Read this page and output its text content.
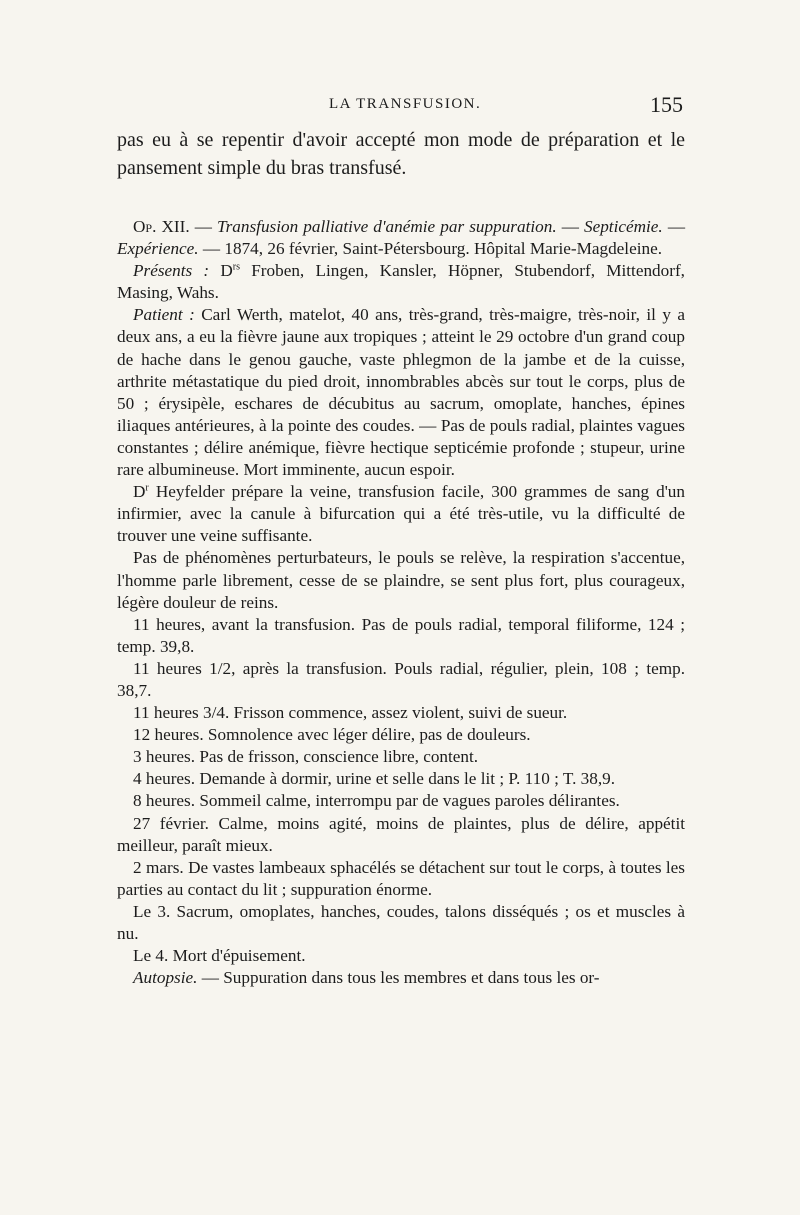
LA TRANSFUSION.	155

pas eu à se repentir d'avoir accepté mon mode de préparation et le pansement simple du bras transfusé.

Op. XII. — Transfusion palliative d'anémie par suppuration. — Septicémie. — Expérience. — 1874, 26 février, Saint-Pétersbourg. Hôpital Marie-Magdeleine.

Présents : $D^{rs}$ Froben, Lingen, Kansler, Höpner, Stubendorf, Mittendorf, Masing, Wahs.

Patient : Carl Werth, matelot, 40 ans, très-grand, très-maigre, très-noir, il y a deux ans, a eu la fièvre jaune aux tropiques ; atteint le 29 octobre d'un grand coup de hache dans le genou gauche, vaste phlegmon de la jambe et de la cuisse, arthrite métastatique du pied droit, innombrables abcès sur tout le corps, plus de 50 ; érysipèle, eschares de décubitus au sacrum, omoplate, hanches, épines iliaques antérieures, à la pointe des coudes. — Pas de pouls radial, plaintes vagues constantes ; délire anémique, fièvre hectique septicémie profonde ; stupeur, urine rare albumineuse. Mort imminente, aucun espoir.

$D^r$ Heyfelder prépare la veine, transfusion facile, 300 grammes de sang d'un infirmier, avec la canule à bifurcation qui a été très-utile, vu la difficulté de trouver une veine suffisante.

Pas de phénomènes perturbateurs, le pouls se relève, la respiration s'accentue, l'homme parle librement, cesse de se plaindre, se sent plus fort, plus courageux, légère douleur de reins.

11 heures, avant la transfusion. Pas de pouls radial, temporal filiforme, 124 ; temp. 39,8.

11 heures 1/2, après la transfusion. Pouls radial, régulier, plein, 108 ; temp. 38,7.

11 heures 3/4. Frisson commence, assez violent, suivi de sueur.

12 heures. Somnolence avec léger délire, pas de douleurs.

3 heures. Pas de frisson, conscience libre, content.

4 heures. Demande à dormir, urine et selle dans le lit ; P. 110 ; T. 38,9.

8 heures. Sommeil calme, interrompu par de vagues paroles délirantes.

27 février. Calme, moins agité, moins de plaintes, plus de délire, appétit meilleur, paraît mieux.

2 mars. De vastes lambeaux sphacélés se détachent sur tout le corps, à toutes les parties au contact du lit ; suppuration énorme.

Le 3. Sacrum, omoplates, hanches, coudes, talons disséqués ; os et muscles à nu.

Le 4. Mort d'épuisement.

Autopsie. — Suppuration dans tous les membres et dans tous les or-
